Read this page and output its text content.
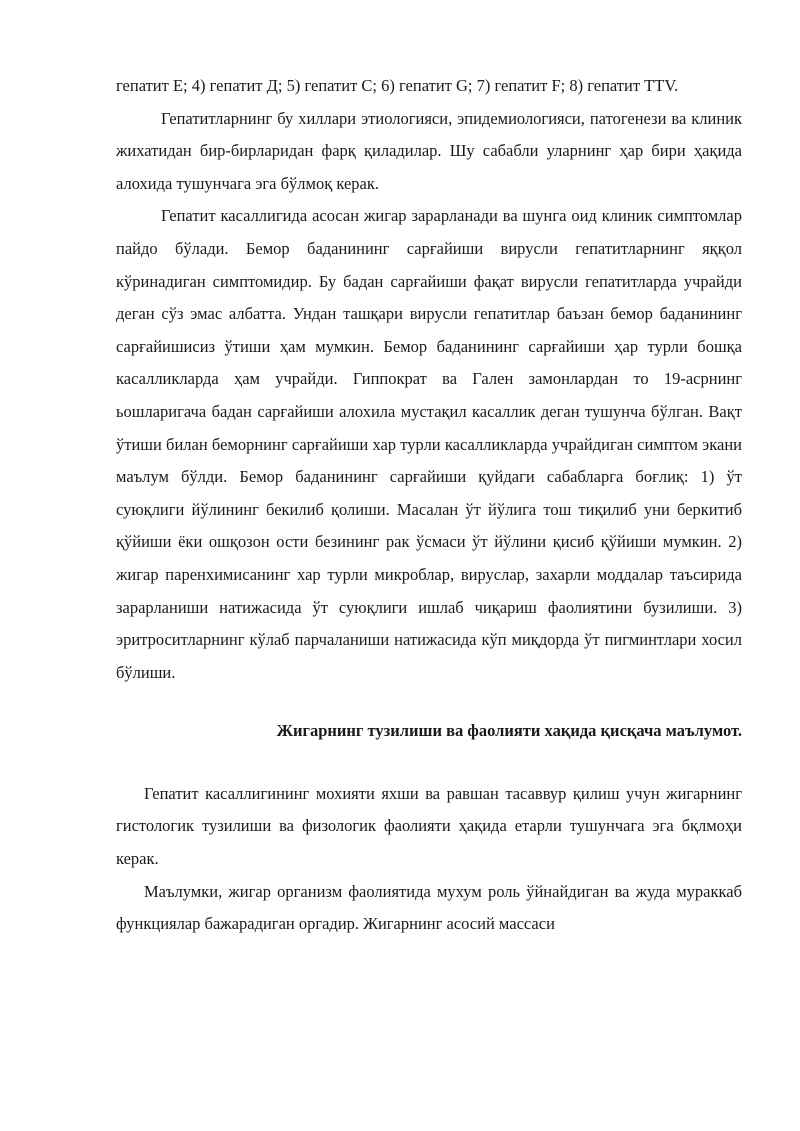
гепатит E; 4) гепатит Д; 5) гепатит C; 6) гепатит G; 7) гепатит F; 8) гепатит TTV.

Гепатитларнинг бу хиллари этиологияси, эпидемиологияси, патогенези ва клиник жихатидан бир-бирларидан фарқ қиладилар. Шу сабабли уларнинг ҳар бири ҳақида алохида тушунчага эга бўлмоқ керак.

Гепатит касаллигида асосан жигар зарарланади ва шунга оид клиник симптомлар пайдо бўлади. Бемор баданининг сарғайиши вирусли гепатитларнинг яққол кўринадиган симптомидир. Бу бадан сарғайиши фақат вирусли гепатитларда учрайди деган сўз эмас албатта. Ундан ташқари вирусли гепатитлар баъзан бемор баданининг сарғайишисиз ўтиши ҳам мумкин. Бемор баданининг сарғайиши ҳар турли бошқа касалликларда ҳам учрайди. Гиппократ ва Гален замонлардан то 19-асрнинг ьошларигача бадан сарғайиши алохила мустақил касаллик деган тушунча бўлган. Вақт ўтиши билан беморнинг сарғайиши хар турли касалликларда учрайдиган симптом экани маълум бўлди. Бемор баданининг сарғайиши қуйдаги сабабларга боғлиқ: 1) ўт суюқлиги йўлининг бекилиб қолиши. Масалан ўт йўлига тош тиқилиб уни беркитиб қўйиши ёки ошқозон ости безининг рак ўсмаси ўт йўлини қисиб қўйиши мумкин. 2) жигар паренхимисанинг хар турли микроблар, вируслар, захарли моддалар таъсирида зарарланиши натижасида ўт суюқлиги ишлаб чиқариш фаолиятини бузилиши. 3) эритроситларнинг кўлаб парчаланиши натижасида кўп миқдорда ўт пигминтлари хосил бўлиши.

Жигарнинг тузилиши ва фаолияти хақида қисқача маълумот.

Гепатит касаллигининг мохияти яхши ва равшан тасаввур қилиш учун жигарнинг гистологик тузилиши ва физологик фаолияти ҳақида етарли тушунчага эга бқлмоҳи керак.

Маълумки, жигар организм фаолиятида мухум роль ўйнайдиган ва жуда мураккаб функциялар бажарадиган оргадир. Жигарнинг асосий массаси
